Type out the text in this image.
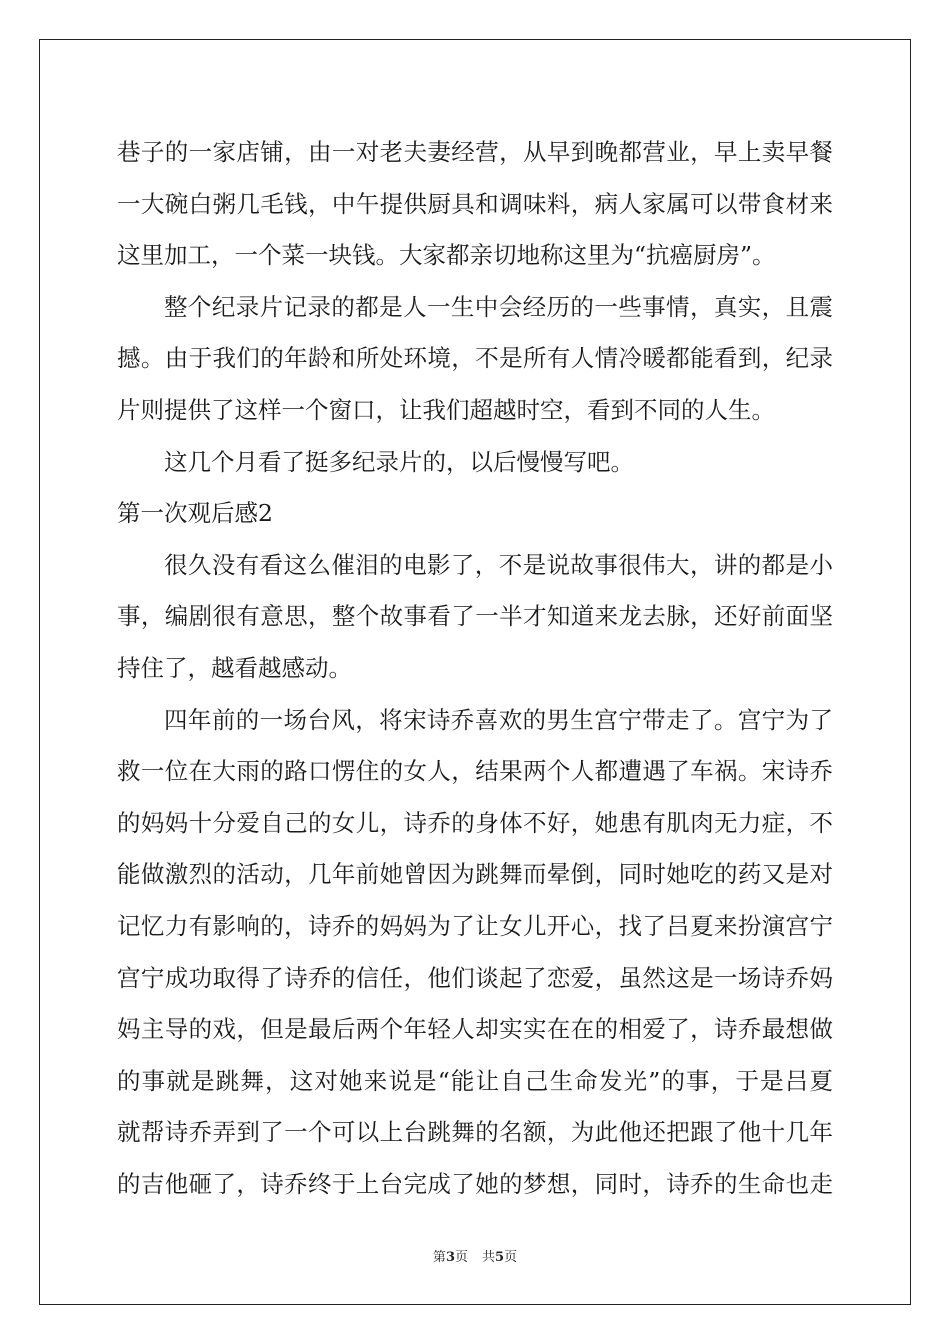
巷子的一家店铺，由一对老夫妻经营，从早到晚都营业，早上卖早餐
一大碗白粥几毛钱，中午提供厨具和调味料，病人家属可以带食材来
这里加工，一个菜一块钱。大家都亲切地称这里为“抗癌厨房”。
整个纪录片记录的都是人一生中会经历的一些事情，真实，且震
撼。由于我们的年龄和所处环境，不是所有人情冷暖都能看到，纪录
片则提供了这样一个窗口，让我们超越时空，看到不同的人生。
这几个月看了挺多纪录片的，以后慢慢写吧。
第一次观后感2
很久没有看这么催泪的电影了，不是说故事很伟大，讲的都是小
事，编剧很有意思，整个故事看了一半才知道来龙去脉，还好前面坚
持住了，越看越感动。
四年前的一场台风，将宋诗乔喜欢的男生宫宁带走了。宫宁为了
救一位在大雨的路口愣住的女人，结果两个人都遭遇了车祸。宋诗乔
的妈妈十分爱自己的女儿，诗乔的身体不好，她患有肌肉无力症，不
能做激烈的活动，几年前她曾因为跳舞而晕倒，同时她吃的药又是对
记忆力有影响的，诗乔的妈妈为了让女儿开心，找了吕夏来扮演宫宁
宫宁成功取得了诗乔的信任，他们谈起了恋爱，虽然这是一场诗乔妈
妈主导的戏，但是最后两个年轻人却实实在在的相爱了，诗乔最想做
的事就是跳舞，这对她来说是“能让自己生命发光”的事，于是吕夏
就帮诗乔弄到了一个可以上台跳舞的名额，为此他还把跟了他十几年
的吉他砸了，诗乔终于上台完成了她的梦想，同时，诗乔的生命也走
第3页 共5页
